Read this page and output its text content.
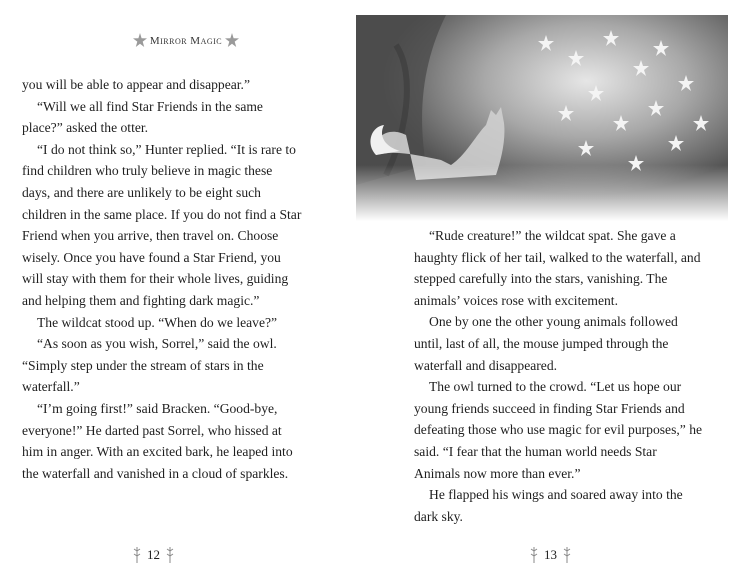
Mirror Magic

you will be able to appear and disappear.”

“Will we all find Star Friends in the same place?” asked the otter.

“I do not think so,” Hunter replied. “It is rare to find children who truly believe in magic these days, and there are unlikely to be eight such children in the same place. If you do not find a Star Friend when you arrive, then travel on. Choose wisely. Once you have found a Star Friend, you will stay with them for their whole lives, guiding and helping them and fighting dark magic.”

The wildcat stood up. “When do we leave?”

“As soon as you wish, Sorrel,” said the owl. “Simply step under the stream of stars in the waterfall.”

“I’m going first!” said Bracken. “Good-bye, everyone!” He darted past Sorrel, who hissed at him in anger. With an excited bark, he leaped into the waterfall and vanished in a cloud of sparkles.

12

“Rude creature!” the wildcat spat. She gave a haughty flick of her tail, walked to the waterfall, and stepped carefully into the stars, vanishing. The animals’ voices rose with excitement.

One by one the other young animals followed until, last of all, the mouse jumped through the waterfall and disappeared.

The owl turned to the crowd. “Let us hope our young friends succeed in finding Star Friends and defeating those who use magic for evil purposes,” he said. “I fear that the human world needs Star Animals now more than ever.”

He flapped his wings and soared away into the dark sky.

13
